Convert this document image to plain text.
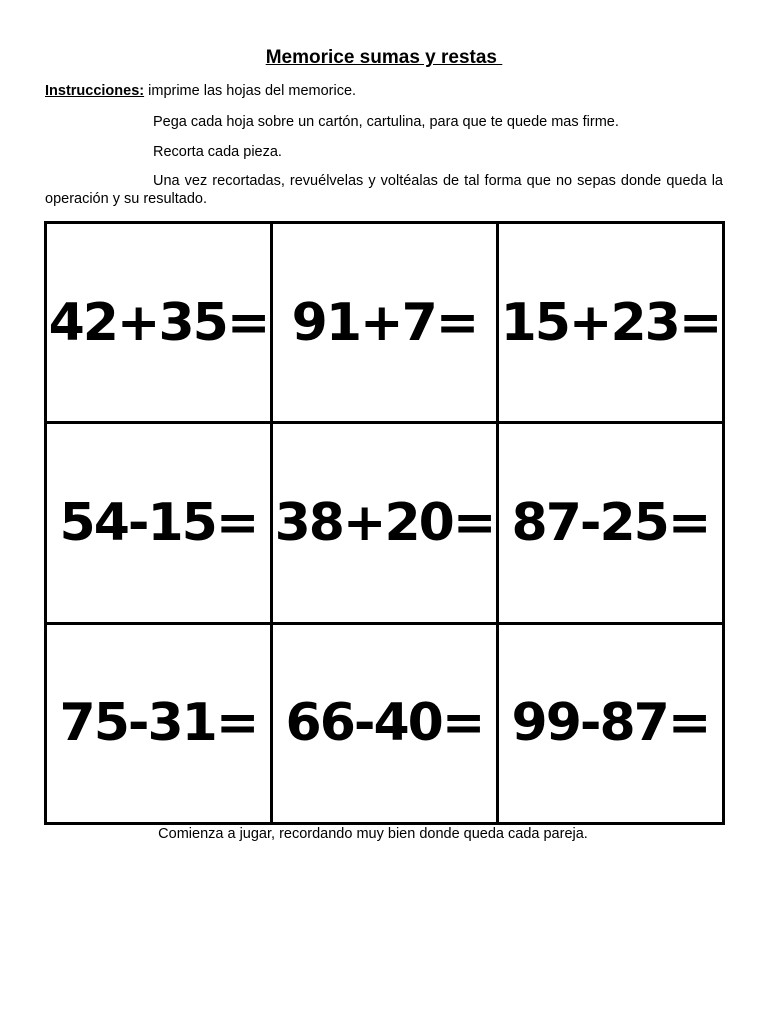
Memorice sumas y restas
Instrucciones: imprime las hojas del memorice.
Pega cada hoja sobre un cartón, cartulina, para que te quede mas firme.
Recorta cada pieza.
Una vez recortadas, revuélvelas y voltéalas de tal forma que no sepas donde queda la operación y su resultado.
42+35= 91+7= 15+23=
54-15= 38+20= 87-25=
75-31= 66-40= 99-87=
Comienza a jugar, recordando muy bien donde queda cada pareja.
